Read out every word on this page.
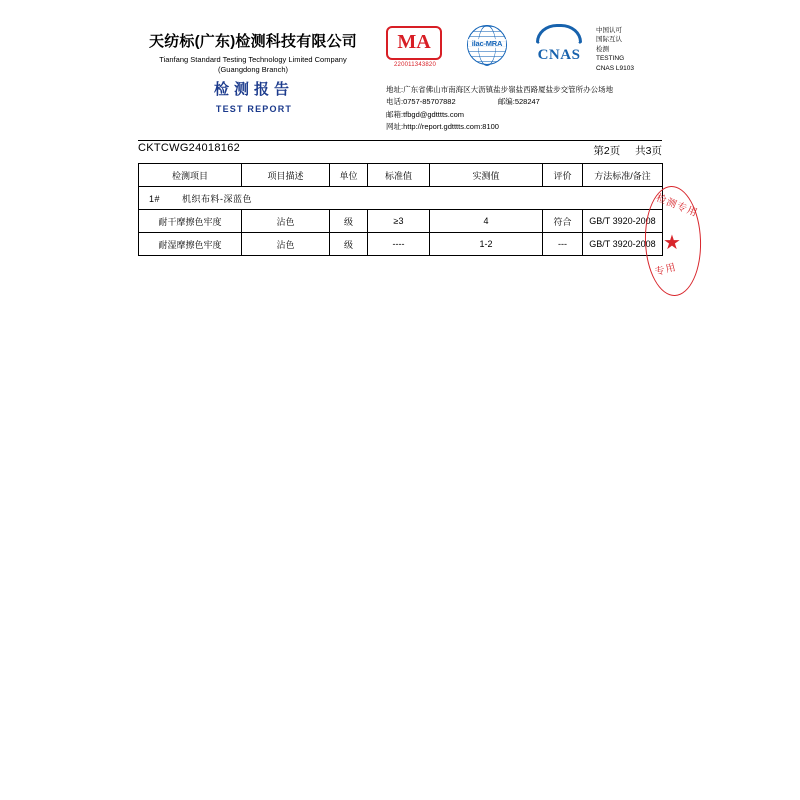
天纺标(广东)检测科技有限公司
Tianfang Standard Testing Technology Limited Company
(Guangdong Branch)
检测报告
TEST REPORT
MA
220011343820
ilac-MRA
CNAS
中国认可
国际互认
检测
TESTING
CNAS L9103
地址:广东省佛山市南海区大沥镇盐步嶺盐西路厦盐步交管所办公场地
电话:0757-85707882	邮编:528247
邮箱:tfbgd@gdtttts.com
网址:http://report.gdtttts.com:8100
CKTCWG24018162	第2页 共3页
检测项目	项目描述	单位	标准值	实测值	评价	方法标准/备注
1# 机织布料-深蓝色						
耐干摩擦色牢度	沾色	级	≥3	4	符合	GB/T 3920-2008
耐湿摩擦色牢度	沾色	级	----	1-2	---	GB/T 3920-2008
检测专用
★
专用
